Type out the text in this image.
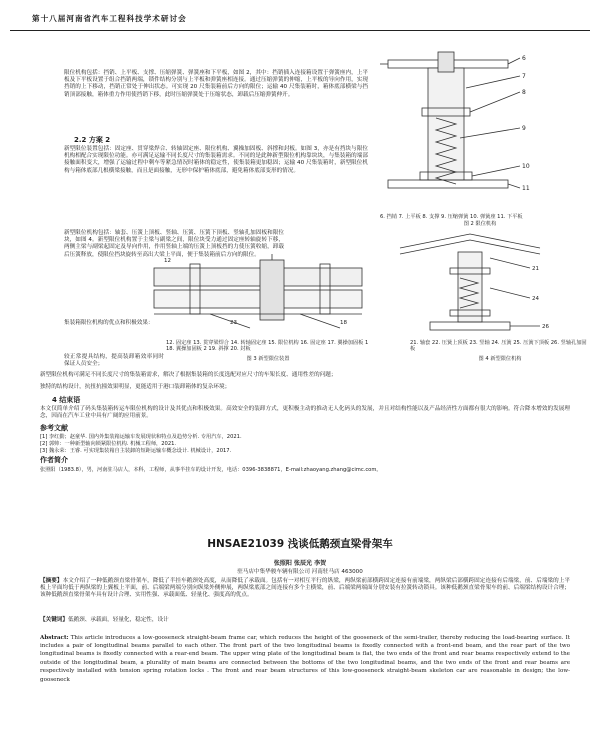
第十八届河南省汽车工程科技学术研讨会

限位机构包括：挡销、上平板、支撑、压缩弹簧、弹簧座和下平板，如图 2，其中：挡销插入连接箱设置于弹簧座内，上平板及下平板设置于组合挡销两端，锁件结构分别与上平板和弹簧座相连接。通过压缩弹簧的伸缩，上平板的导向作用，实现挡销的上下移动，挡销正常处于伸出状态。可实现 20 尺集装箱前后方向的限位；运输 40 尺集装箱时，箱体底部横梁与挡销顶部接触，箱体重力作用使挡销下移，此时压缩弹簧处于压缩状态，卸载后压缩弹簧伸开。

2.2 方案 2

新型限位装置包括：固定座、贯穿梁焊合、转轴固定座、限位机构、翼操加固板、斜撑和封板。如图 3，亦是有挡块与限位机构相配合实现限位功能。亦可满足运输不同长度尺寸的集装箱需求。不同的是此种新型限位机构靠块块，与集装箱的端部接触面积变大，增强了运输过程中剩车等紧急情况时箱体的稳定性，使集装箱更加稳固；运输 40 尺集装箱时，新型限位机构与箱体底部几根横梁接触，而且是面接触，无形中保护箱体底部，避免箱体底部变形的情况。

6
7
8
9
10
11
6. 挡销 7. 上平板 8. 支撑 9. 压缩弹簧 10. 弹簧座 11. 下平板
图 2 限位机构

新型限位机构包括：轴套、压簧上顶板、竖轴、压簧、压簧下顶板、竖轴孔加固板和限位块，如图 4。新型限位机构置于主梁与副梁之间，限位块受力通过固定座转轴旋转下移，两侧主梁与副梁起固定及导向作用，作用竖轴上端的压簧上顶板挡的力使压簧收缩，卸载后压簧释放，使限位挡块旋转至高出大梁上平面，便于集装箱前后方向的限位。

集装箱限位机构的优点和积极效果：

较正常提具结构，提高装卸箱效率同时保证人员安全；

12
23	18
12. 固定座 13. 贯穿梁焊合 14. 转轴固定座 15. 限位机构 16. 固定座 17. 翼操加固板 1 18. 翼操加固板 2 19. 斜撑 20. 封板
图 3 新型限位装置
21
24
26
21. 轴套 22. 压簧上顶板 23. 竖轴 24. 压簧 25. 压簧下顶板 26. 竖轴孔加固板
图 4 新型限位机构

新型限位机构可满足不同长度尺寸的集装箱需求，解决了根据集装箱的长度选配对应尺寸的车架长度、通用性差的问题；

独特的结构设计，抗扭抗撞效果明显，更能适用于港口装卸箱体的复杂环境；

4 结束语

本文仅简单介绍了码头集装箱转运车限位机构的设计及其优点和积极效果。高效安全的装卸方式，更积极主动的推动无人化码头的发展，并且对结构性能以及产品经济性方面都有很大的影响。符合降本增效的发展理念，因而在汽车工业中具有广阔的应用前景。

参考文献

[1] 李红勤；赵童华. 国内外集装箱运输车发展现状和特点及趋势分析. 专用汽车，2021.

[2] 郭帅：一种新型轴向锁紧限位机构. 机械工程师，2021.

[3] 魏永荣：王睿. 可实现集装箱自主装卸的短距运输车概念设计. 机械设计，2017.

作者简介

张照阳（1983.8），男，河南驻马店人，本科，工程师，从事半挂车的设计开发，电话：0396-3838871，E-mail:zhaoyang.zhang@cimc.com。

HNSAE21039 浅谈低鹅颈直梁骨架车
张照阳 张辰光 李贺
驻马店中集华骏车辆有限公司 河南驻马店 463000

【摘要】本文介绍了一种低鹅颈直梁骨架车，降低了半挂车鹅颈处高度，从而降低了承载面。包括有一对相互平行的纵梁，两纵梁前部横跨固定连接有前端梁，两纵梁后部横跨固定连接有后端梁，前、后端梁的上平板上平面均低于两纵梁的上翼板上平面，前、后端梁两端分别向纵梁外侧伸展，两纵梁底部之间连接有多个主横梁，前、后端梁两端面分别安装有拉簧转动锁具。该种低鹅颈直梁骨架车的前、后端梁结构设计合理；该种低鹅颈直梁骨架车具有设计合理、实用性强、承载面低、轻量化、强度高的优点。

【关键词】低鹅颈、承载面，轻量化，稳定性，设计

Abstract: This article introduces a low-gooseneck straight-beam frame car, which reduces the height of the gooseneck of the semi-trailer, thereby reducing the load-bearing surface. It includes a pair of longitudinal beams parallel to each other. The front part of the two longitudinal beams is fixedly connected with a front-end beam, and the rear part of the two longitudinal beams is fixedly connected with a rear-end beam. The upper wing plate of the longitudinal beam is flat, the two ends of the front and rear beams respectively extend to the outside of the longitudinal beam, a plurality of main beams are connected between the bottoms of the two longitudinal beams, and the two ends of the front and rear beams are respectively installed with tension spring rotation locks . The front and rear beam structures of this low-gooseneck straight-beam skeleton car are reasonable in design; the low-gooseneck
